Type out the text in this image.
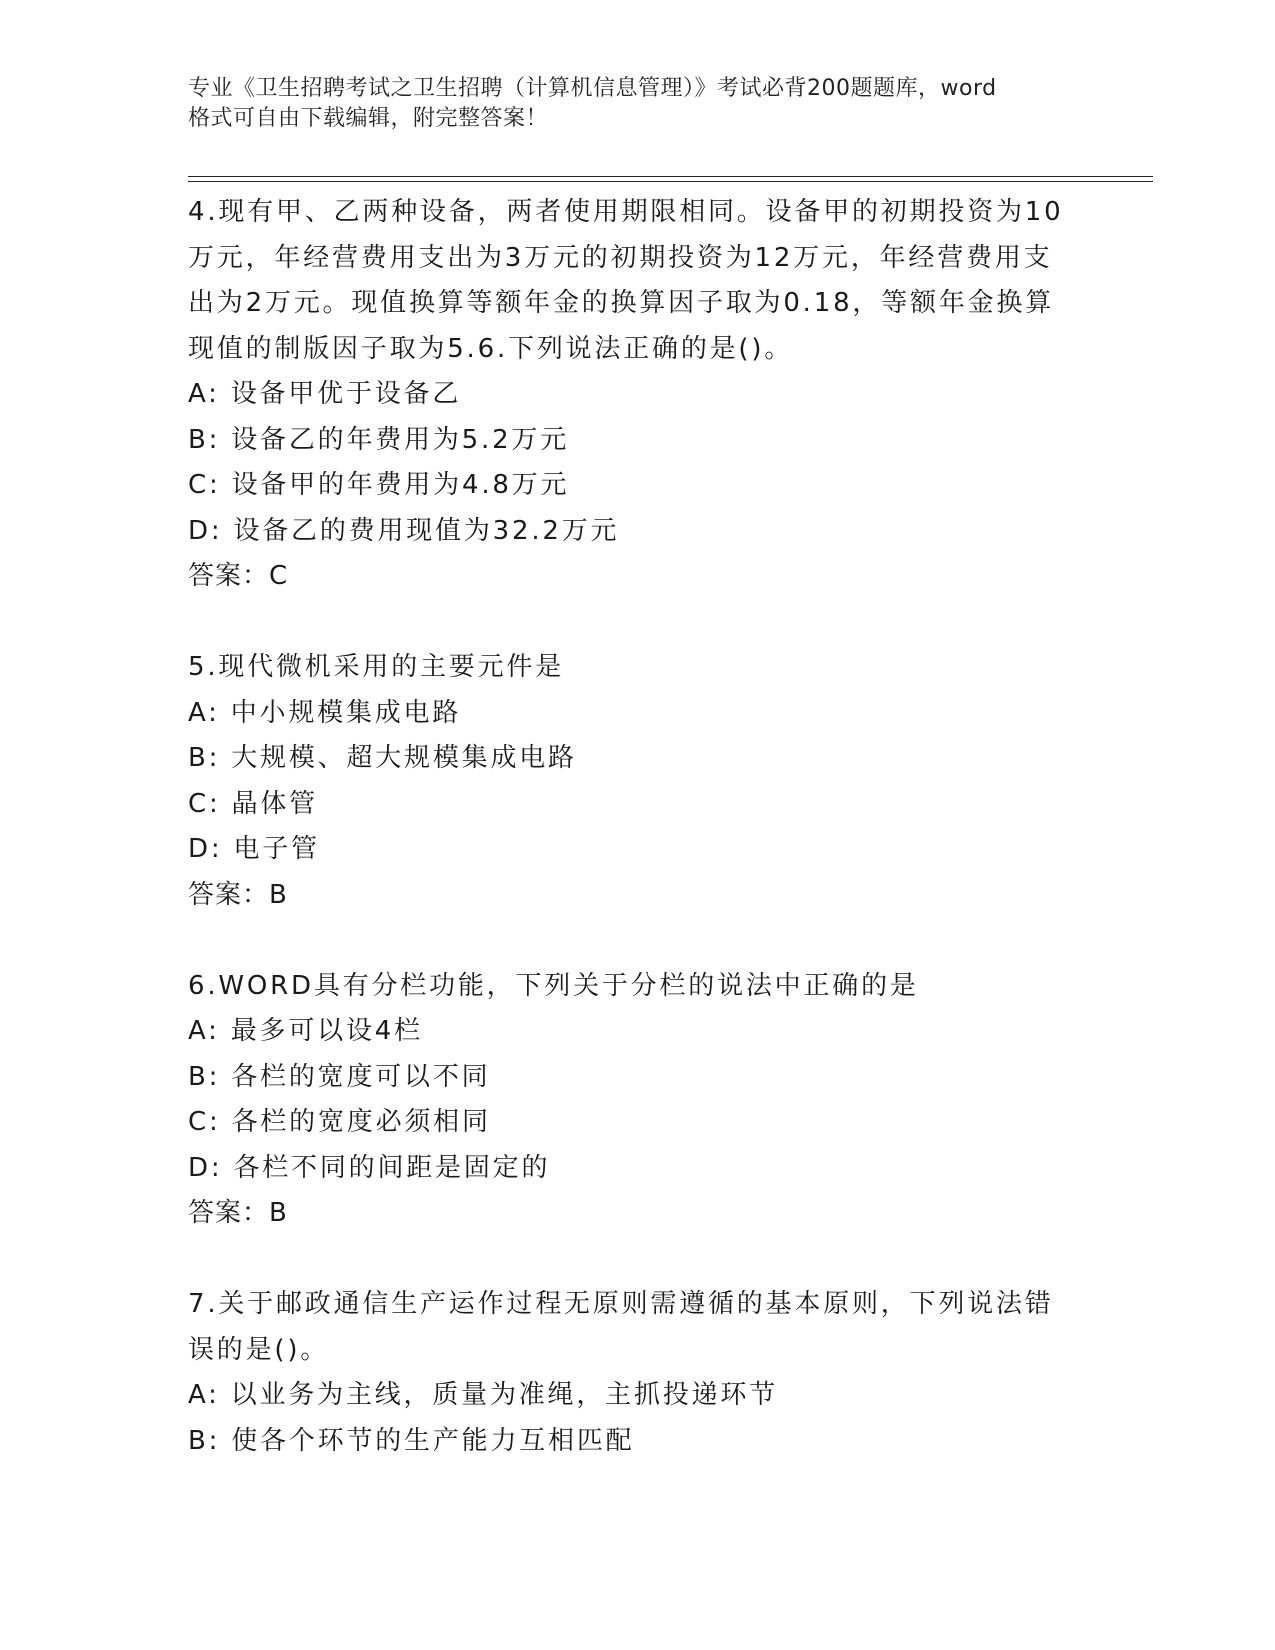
专业《卫生招聘考试之卫生招聘（计算机信息管理）》考试必背200题题库，word
格式可自由下载编辑，附完整答案！
4.现有甲、乙两种设备，两者使用期限相同。设备甲的初期投资为10
万元，年经营费用支出为3万元的初期投资为12万元，年经营费用支
出为2万元。现值换算等额年金的换算因子取为0.18，等额年金换算
现值的制版因子取为5.6.下列说法正确的是()。
A: 设备甲优于设备乙
B: 设备乙的年费用为5.2万元
C: 设备甲的年费用为4.8万元
D: 设备乙的费用现值为32.2万元
答案：C
5.现代微机采用的主要元件是
A: 中小规模集成电路
B: 大规模、超大规模集成电路
C: 晶体管
D: 电子管
答案：B
6.WORD具有分栏功能，下列关于分栏的说法中正确的是
A: 最多可以设4栏
B: 各栏的宽度可以不同
C: 各栏的宽度必须相同
D: 各栏不同的间距是固定的
答案：B
7.关于邮政通信生产运作过程无原则需遵循的基本原则，下列说法错
误的是()。
A: 以业务为主线，质量为准绳，主抓投递环节
B: 使各个环节的生产能力互相匹配
